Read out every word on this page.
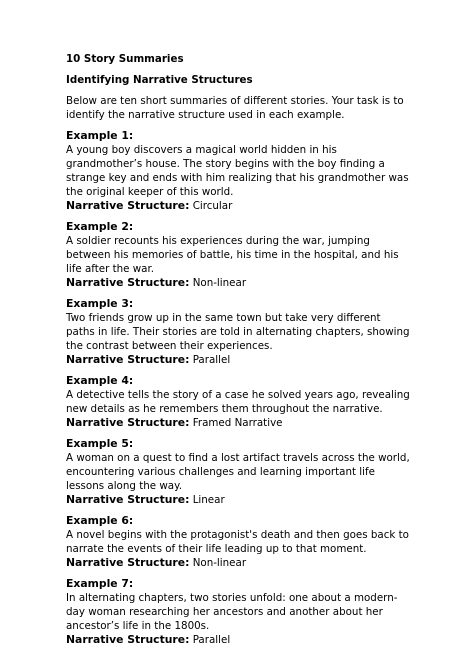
10 Story Summaries
Identifying Narrative Structures
Below are ten short summaries of different stories. Your task is to identify the narrative structure used in each example.
Example 1:
A young boy discovers a magical world hidden in his grandmother’s house. The story begins with the boy finding a strange key and ends with him realizing that his grandmother was the original keeper of this world.
Narrative Structure: Circular
Example 2:
A soldier recounts his experiences during the war, jumping between his memories of battle, his time in the hospital, and his life after the war.
Narrative Structure: Non-linear
Example 3:
Two friends grow up in the same town but take very different paths in life. Their stories are told in alternating chapters, showing the contrast between their experiences.
Narrative Structure: Parallel
Example 4:
A detective tells the story of a case he solved years ago, revealing new details as he remembers them throughout the narrative.
Narrative Structure: Framed Narrative
Example 5:
A woman on a quest to find a lost artifact travels across the world, encountering various challenges and learning important life lessons along the way.
Narrative Structure: Linear
Example 6:
A novel begins with the protagonist's death and then goes back to narrate the events of their life leading up to that moment.
Narrative Structure: Non-linear
Example 7:
In alternating chapters, two stories unfold: one about a modern-day woman researching her ancestors and another about her ancestor’s life in the 1800s.
Narrative Structure: Parallel
